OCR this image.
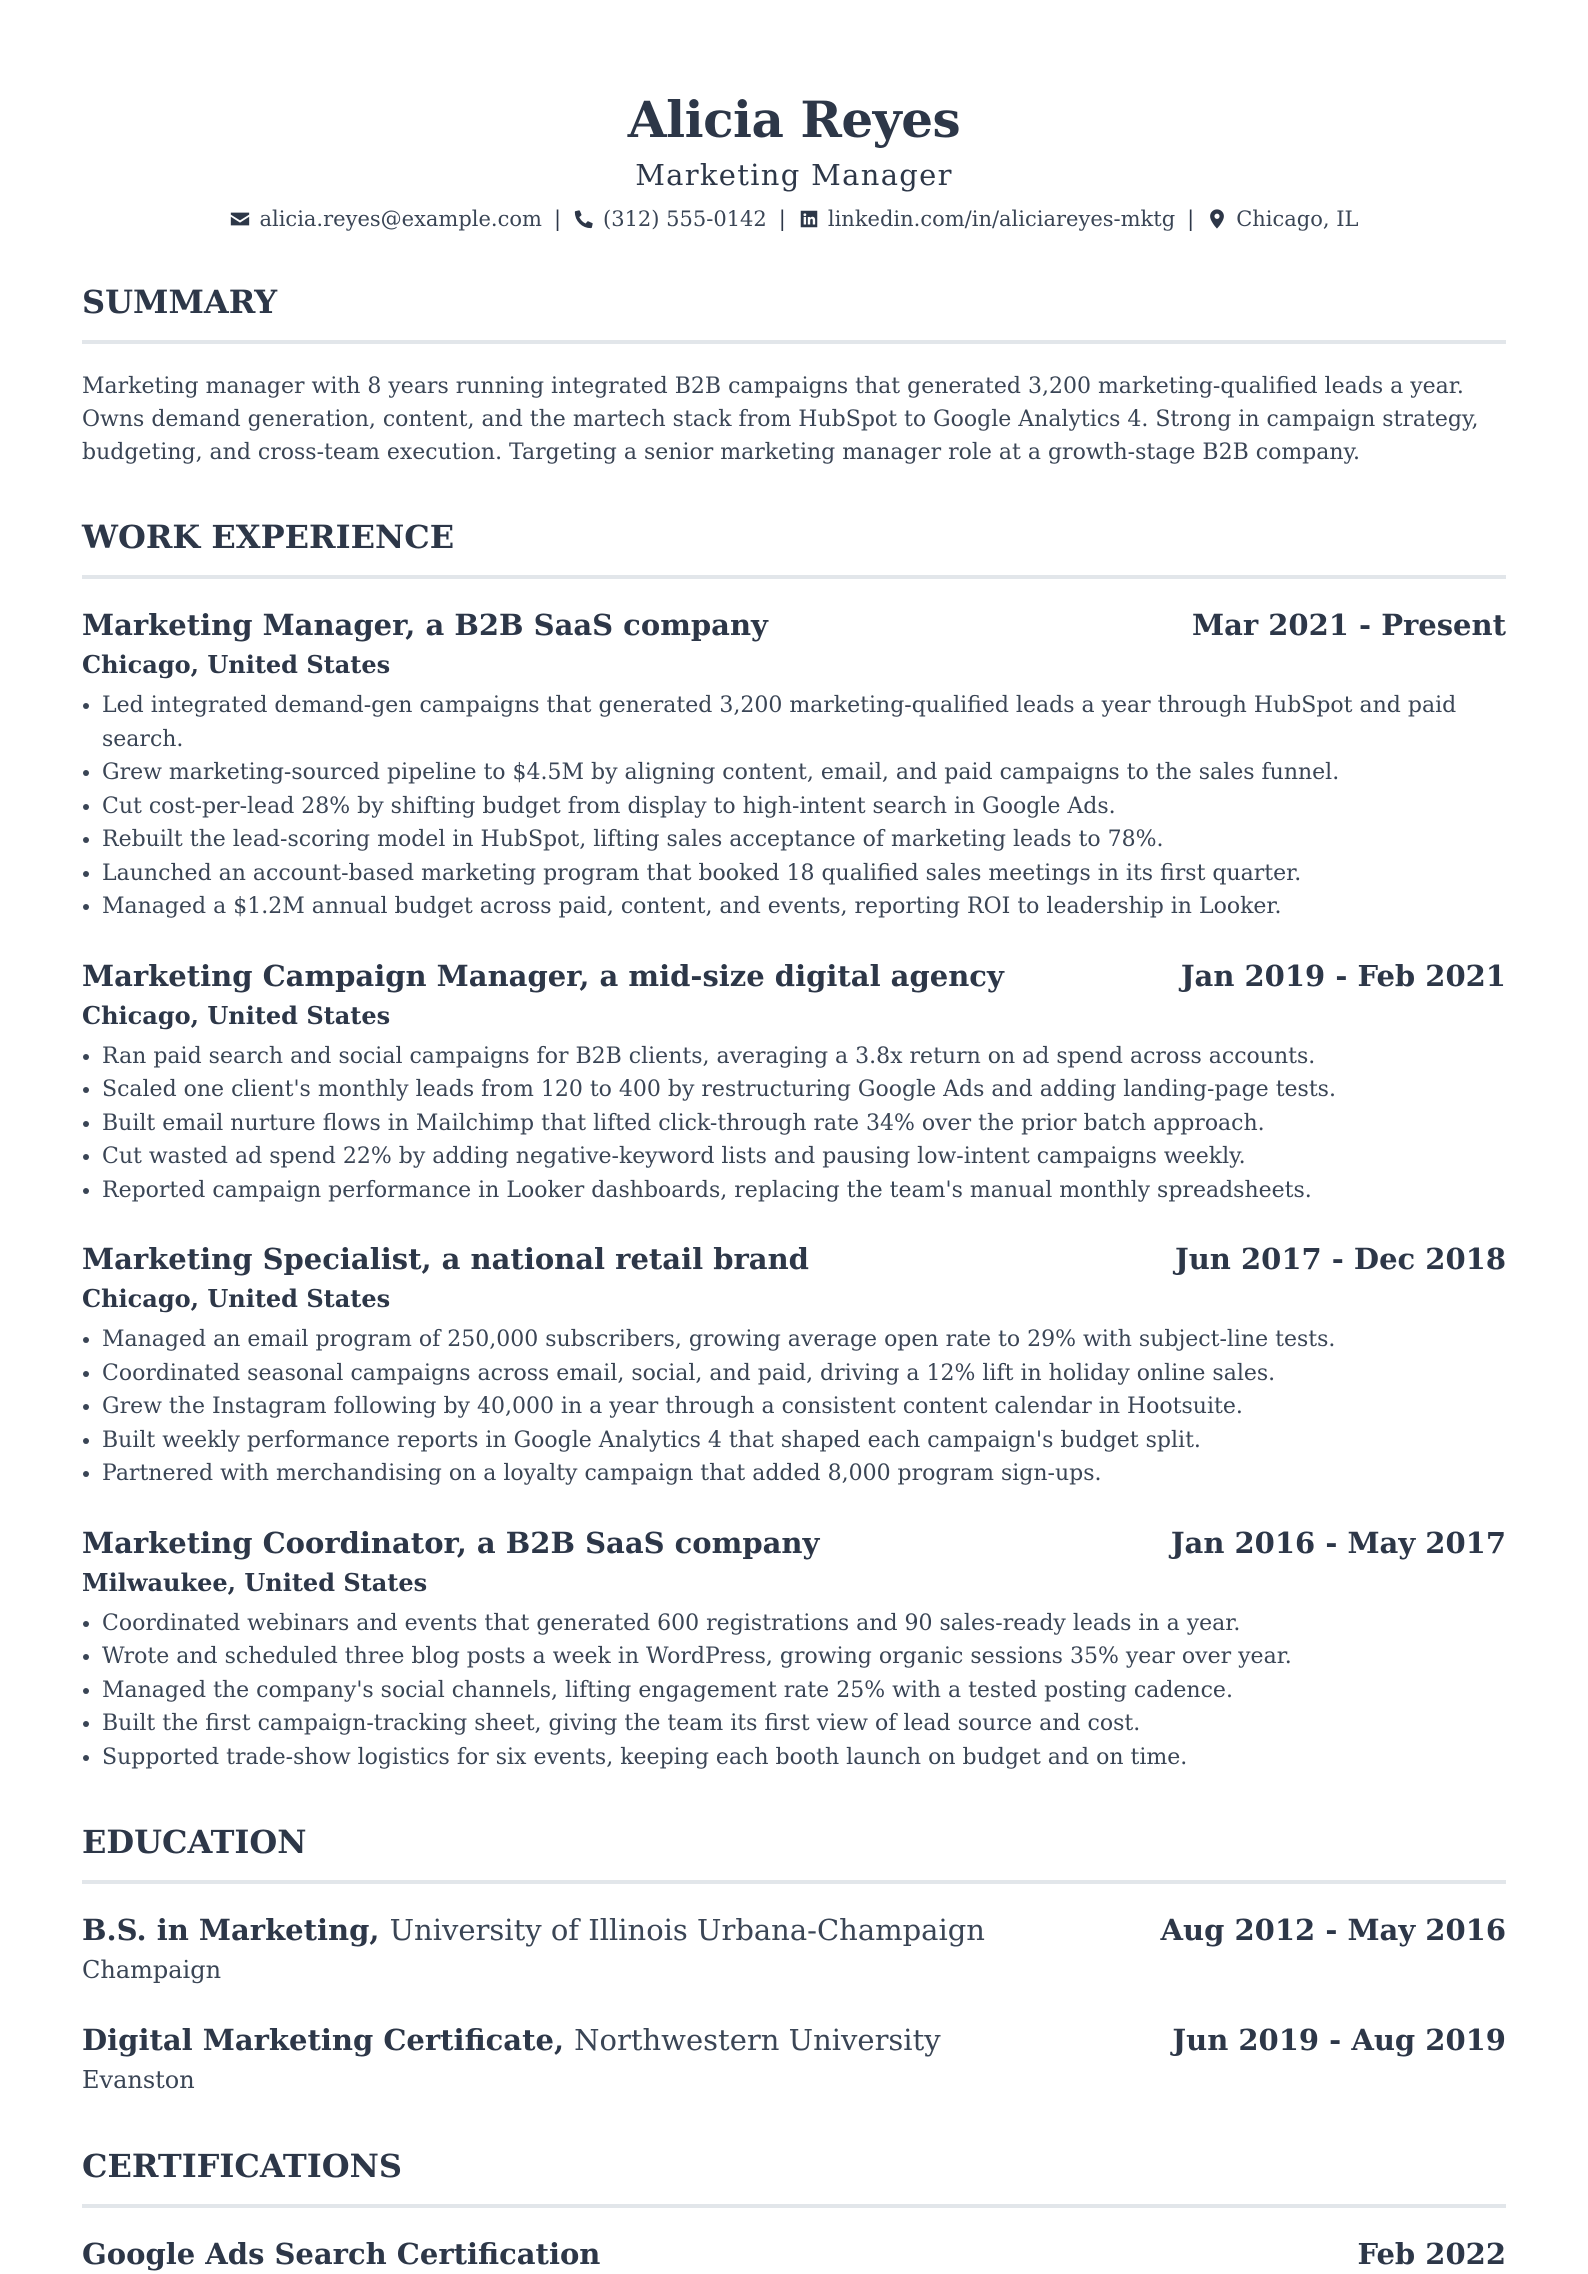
Alicia Reyes
Marketing Manager
alicia.reyes@example.com | (312) 555-0142 | linkedin.com/in/aliciareyes-mktg | Chicago, IL
SUMMARY

Marketing manager with 8 years running integrated B2B campaigns that generated 3,200 marketing-qualified leads a year. Owns demand generation, content, and the martech stack from HubSpot to Google Analytics 4. Strong in campaign strategy, budgeting, and cross-team execution. Targeting a senior marketing manager role at a growth-stage B2B company.

WORK EXPERIENCE
Marketing Manager, a B2B SaaS company	Mar 2021 - Present
Chicago, United States
• Led integrated demand-gen campaigns that generated 3,200 marketing-qualified leads a year through HubSpot and paid search.
• Grew marketing-sourced pipeline to $4.5M by aligning content, email, and paid campaigns to the sales funnel.
• Cut cost-per-lead 28% by shifting budget from display to high-intent search in Google Ads.
• Rebuilt the lead-scoring model in HubSpot, lifting sales acceptance of marketing leads to 78%.
• Launched an account-based marketing program that booked 18 qualified sales meetings in its first quarter.
• Managed a $1.2M annual budget across paid, content, and events, reporting ROI to leadership in Looker.
Marketing Campaign Manager, a mid-size digital agency	Jan 2019 - Feb 2021
Chicago, United States
• Ran paid search and social campaigns for B2B clients, averaging a 3.8x return on ad spend across accounts.
• Scaled one client's monthly leads from 120 to 400 by restructuring Google Ads and adding landing-page tests.
• Built email nurture flows in Mailchimp that lifted click-through rate 34% over the prior batch approach.
• Cut wasted ad spend 22% by adding negative-keyword lists and pausing low-intent campaigns weekly.
• Reported campaign performance in Looker dashboards, replacing the team's manual monthly spreadsheets.
Marketing Specialist, a national retail brand	Jun 2017 - Dec 2018
Chicago, United States
• Managed an email program of 250,000 subscribers, growing average open rate to 29% with subject-line tests.
• Coordinated seasonal campaigns across email, social, and paid, driving a 12% lift in holiday online sales.
• Grew the Instagram following by 40,000 in a year through a consistent content calendar in Hootsuite.
• Built weekly performance reports in Google Analytics 4 that shaped each campaign's budget split.
• Partnered with merchandising on a loyalty campaign that added 8,000 program sign-ups.
Marketing Coordinator, a B2B SaaS company	Jan 2016 - May 2017
Milwaukee, United States
• Coordinated webinars and events that generated 600 registrations and 90 sales-ready leads in a year.
• Wrote and scheduled three blog posts a week in WordPress, growing organic sessions 35% year over year.
• Managed the company's social channels, lifting engagement rate 25% with a tested posting cadence.
• Built the first campaign-tracking sheet, giving the team its first view of lead source and cost.
• Supported trade-show logistics for six events, keeping each booth launch on budget and on time.
EDUCATION
B.S. in Marketing, University of Illinois Urbana-Champaign	Aug 2012 - May 2016
Champaign
Digital Marketing Certificate, Northwestern University	Jun 2019 - Aug 2019
Evanston
CERTIFICATIONS
Google Ads Search Certification	Feb 2022
